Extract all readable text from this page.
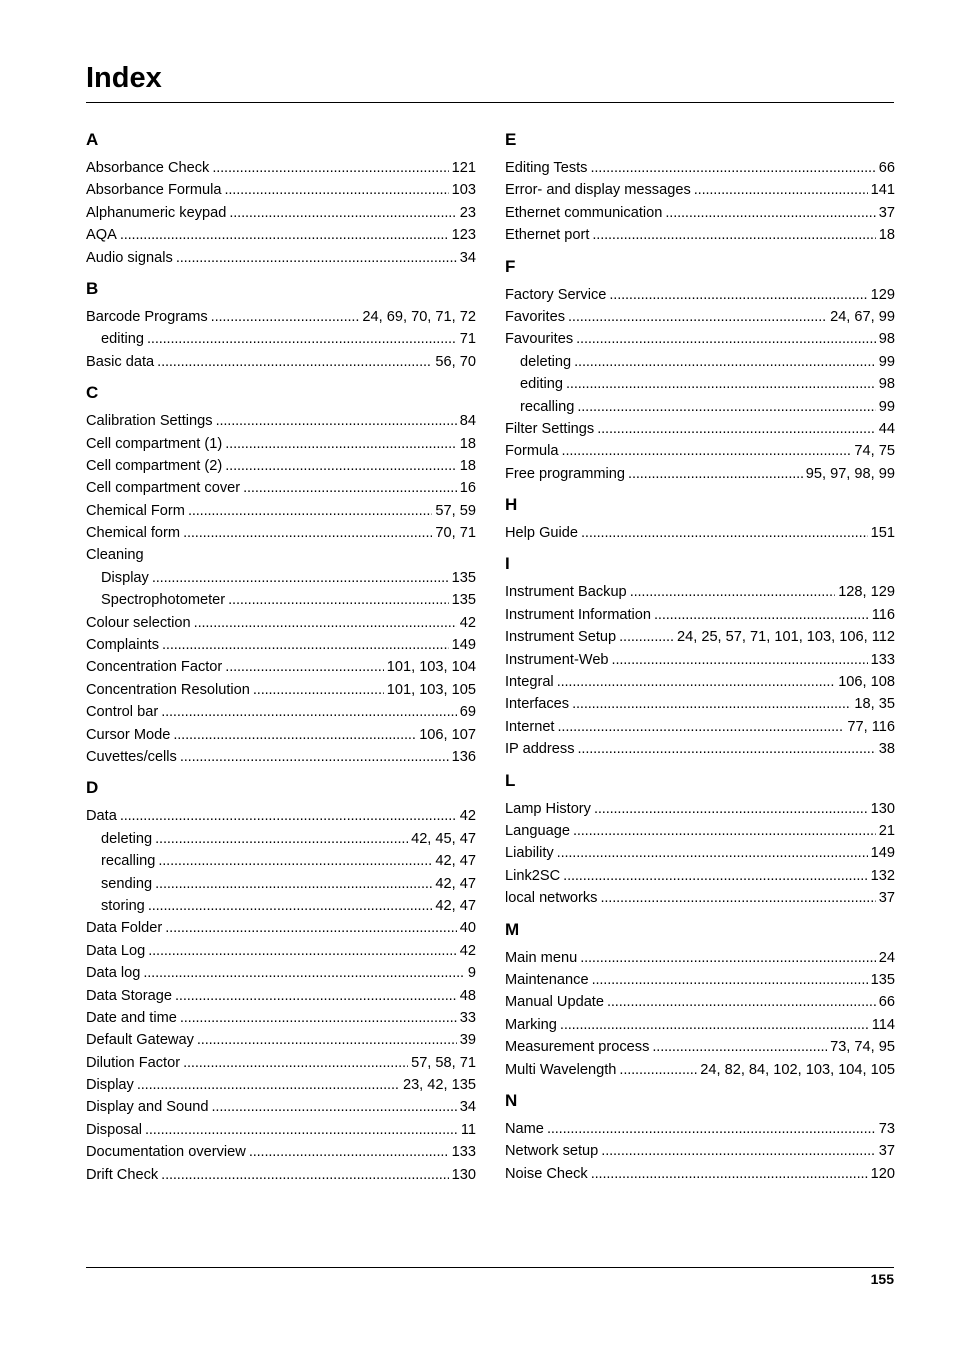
Index
A
Absorbance Check . . .	121
Absorbance Formula . . .	103
Alphanumeric keypad . . .	23
AQA . . .	123
Audio signals . . .	34
B
Barcode Programs . . .	24, 69, 70, 71, 72
editing . . .	71
Basic data . . .	56, 70
C
Calibration Settings . . .	84
Cell compartment (1) . . .	18
Cell compartment (2) . . .	18
Cell compartment cover . . .	16
Chemical Form . . .	57, 59
Chemical form . . .	70, 71
Cleaning
Display . . .	135
Spectrophotometer . . .	135
Colour selection . . .	42
Complaints . . .	149
Concentration Factor . . .	101, 103, 104
Concentration Resolution . . .	101, 103, 105
Control bar . . .	69
Cursor Mode . . .	106, 107
Cuvettes/cells . . .	136
D
Data . . .	42
deleting . . .	42, 45, 47
recalling . . .	42, 47
sending . . .	42, 47
storing . . .	42, 47
Data Folder . . .	40
Data Log . . .	42
Data log . . .	9
Data Storage . . .	48
Date and time . . .	33
Default Gateway . . .	39
Dilution Factor . . .	57, 58, 71
Display . . .	23, 42, 135
Display and Sound . . .	34
Disposal . . .	11
Documentation overview . . .	133
Drift Check . . .	130
E
Editing Tests . . .	66
Error- and display messages . . .	141
Ethernet communication . . .	37
Ethernet port . . .	18
F
Factory Service . . .	129
Favorites . . .	24, 67, 99
Favourites . . .	98
deleting . . .	99
editing . . .	98
recalling . . .	99
Filter Settings . . .	44
Formula . . .	74, 75
Free programming . . .	95, 97, 98, 99
H
Help Guide . . .	151
I
Instrument Backup . . .	128, 129
Instrument Information . . .	116
Instrument Setup . . .	24, 25, 57, 71, 101, 103, 106, 112
Instrument-Web . . .	133
Integral . . .	106, 108
Interfaces . . .	18, 35
Internet . . .	77, 116
IP address . . .	38
L
Lamp History . . .	130
Language . . .	21
Liability . . .	149
Link2SC . . .	132
local networks . . .	37
M
Main menu . . .	24
Maintenance . . .	135
Manual Update . . .	66
Marking . . .	114
Measurement process . . .	73, 74, 95
Multi Wavelength . . .	24, 82, 84, 102, 103, 104, 105
N
Name . . .	73
Network setup . . .	37
Noise Check . . .	120
155
